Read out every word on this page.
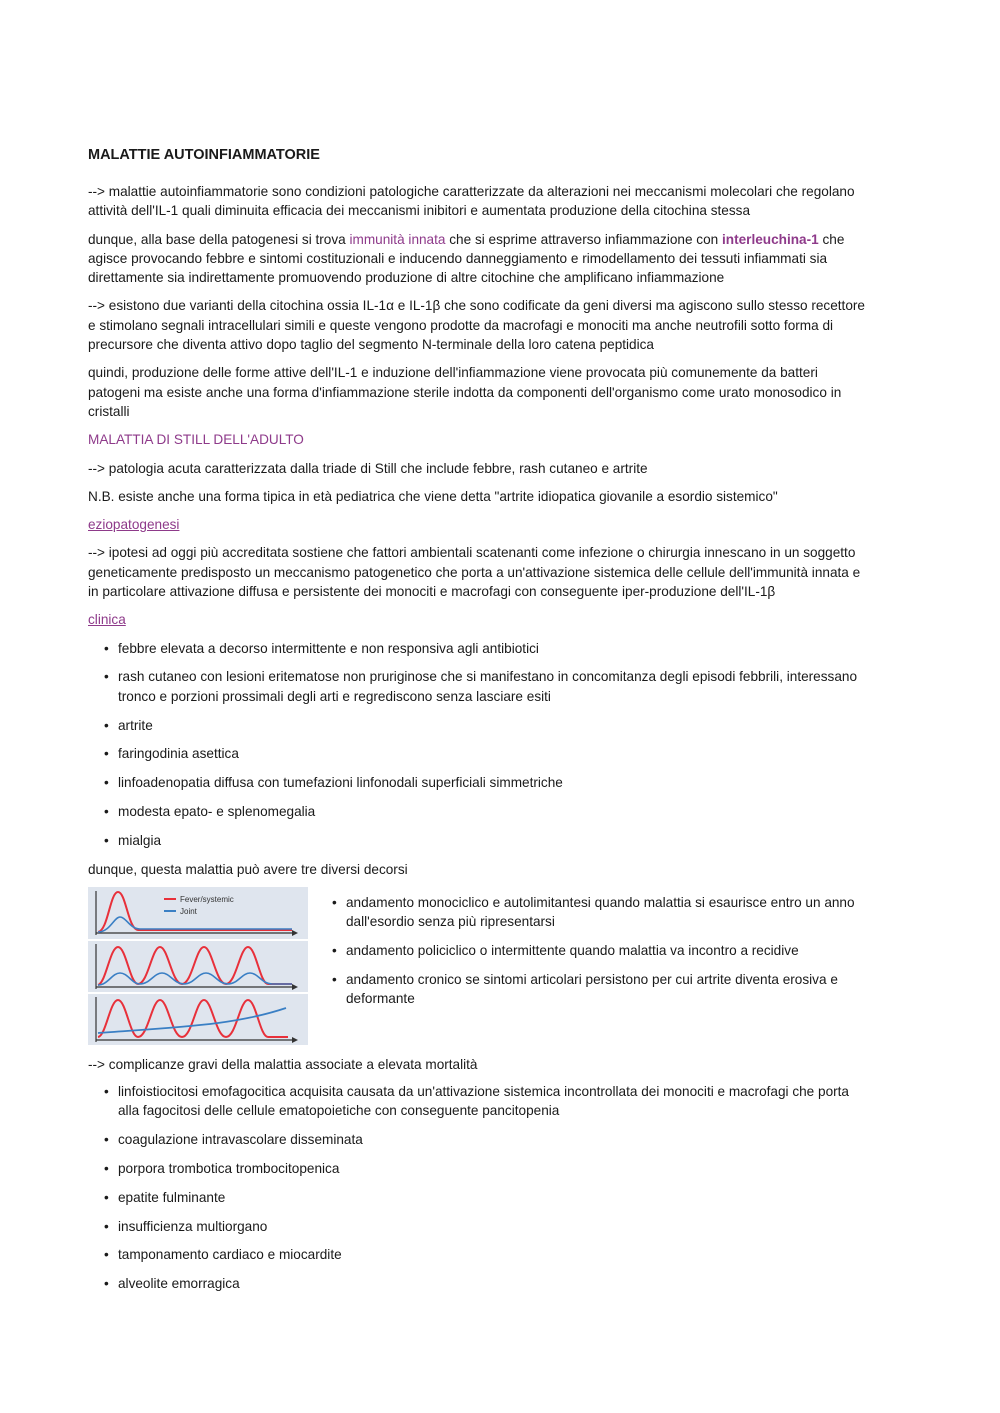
MALATTIE AUTOINFIAMMATORIE

--> malattie autoinfiammatorie sono condizioni patologiche caratterizzate da alterazioni nei meccanismi molecolari che regolano attività dell'IL-1 quali diminuita efficacia dei meccanismi inibitori e aumentata produzione della citochina stessa

dunque, alla base della patogenesi si trova immunità innata che si esprime attraverso infiammazione con interleuchina-1 che agisce provocando febbre e sintomi costituzionali e inducendo danneggiamento e rimodellamento dei tessuti infiammati sia direttamente sia indirettamente promuovendo produzione di altre citochine che amplificano infiammazione

--> esistono due varianti della citochina ossia IL-1α e IL-1β che sono codificate da geni diversi ma agiscono sullo stesso recettore e stimolano segnali intracellulari simili e queste vengono prodotte da macrofagi e monociti ma anche neutrofili sotto forma di precursore che diventa attivo dopo taglio del segmento N-terminale della loro catena peptidica

quindi, produzione delle forme attive dell'IL-1 e induzione dell'infiammazione viene provocata più comunemente da batteri patogeni ma esiste anche una forma d'infiammazione sterile indotta da componenti dell'organismo come urato monosodico in cristalli

MALATTIA DI STILL DELL'ADULTO

--> patologia acuta caratterizzata dalla triade di Still che include febbre, rash cutaneo e artrite

N.B. esiste anche una forma tipica in età pediatrica che viene detta "artrite idiopatica giovanile a esordio sistemico"

eziopatogenesi

--> ipotesi ad oggi più accreditata sostiene che fattori ambientali scatenanti come infezione o chirurgia innescano in un soggetto geneticamente predisposto un meccanismo patogenetico che porta a un'attivazione sistemica delle cellule dell'immunità innata e in particolare attivazione diffusa e persistente dei monociti e macrofagi con conseguente iper-produzione dell'IL-1β

clinica
• febbre elevata a decorso intermittente e non responsiva agli antibiotici
• rash cutaneo con lesioni eritematose non pruriginose che si manifestano in concomitanza degli episodi febbrili, interessano tronco e porzioni prossimali degli arti e regrediscono senza lasciare esiti
• artrite
• faringodinia asettica
• linfoadenopatia diffusa con tumefazioni linfonodali superficiali simmetriche
• modesta epato- e splenomegalia
• mialgia

dunque, questa malattia può avere tre diversi decorsi

Fever/systemic
Joint
• andamento monociclico e autolimitantesi quando malattia si esaurisce entro un anno dall'esordio senza più ripresentarsi
• andamento policiclico o intermittente quando malattia va incontro a recidive
• andamento cronico se sintomi articolari persistono per cui artrite diventa erosiva e deformante

--> complicanze gravi della malattia associate a elevata mortalità

• linfoistiocitosi emofagocitica acquisita causata da un'attivazione sistemica incontrollata dei monociti e macrofagi che porta alla fagocitosi delle cellule ematopoietiche con conseguente pancitopenia
• coagulazione intravascolare disseminata
• porpora trombotica trombocitopenica
• epatite fulminante
• insufficienza multiorgano
• tamponamento cardiaco e miocardite
• alveolite emorragica
